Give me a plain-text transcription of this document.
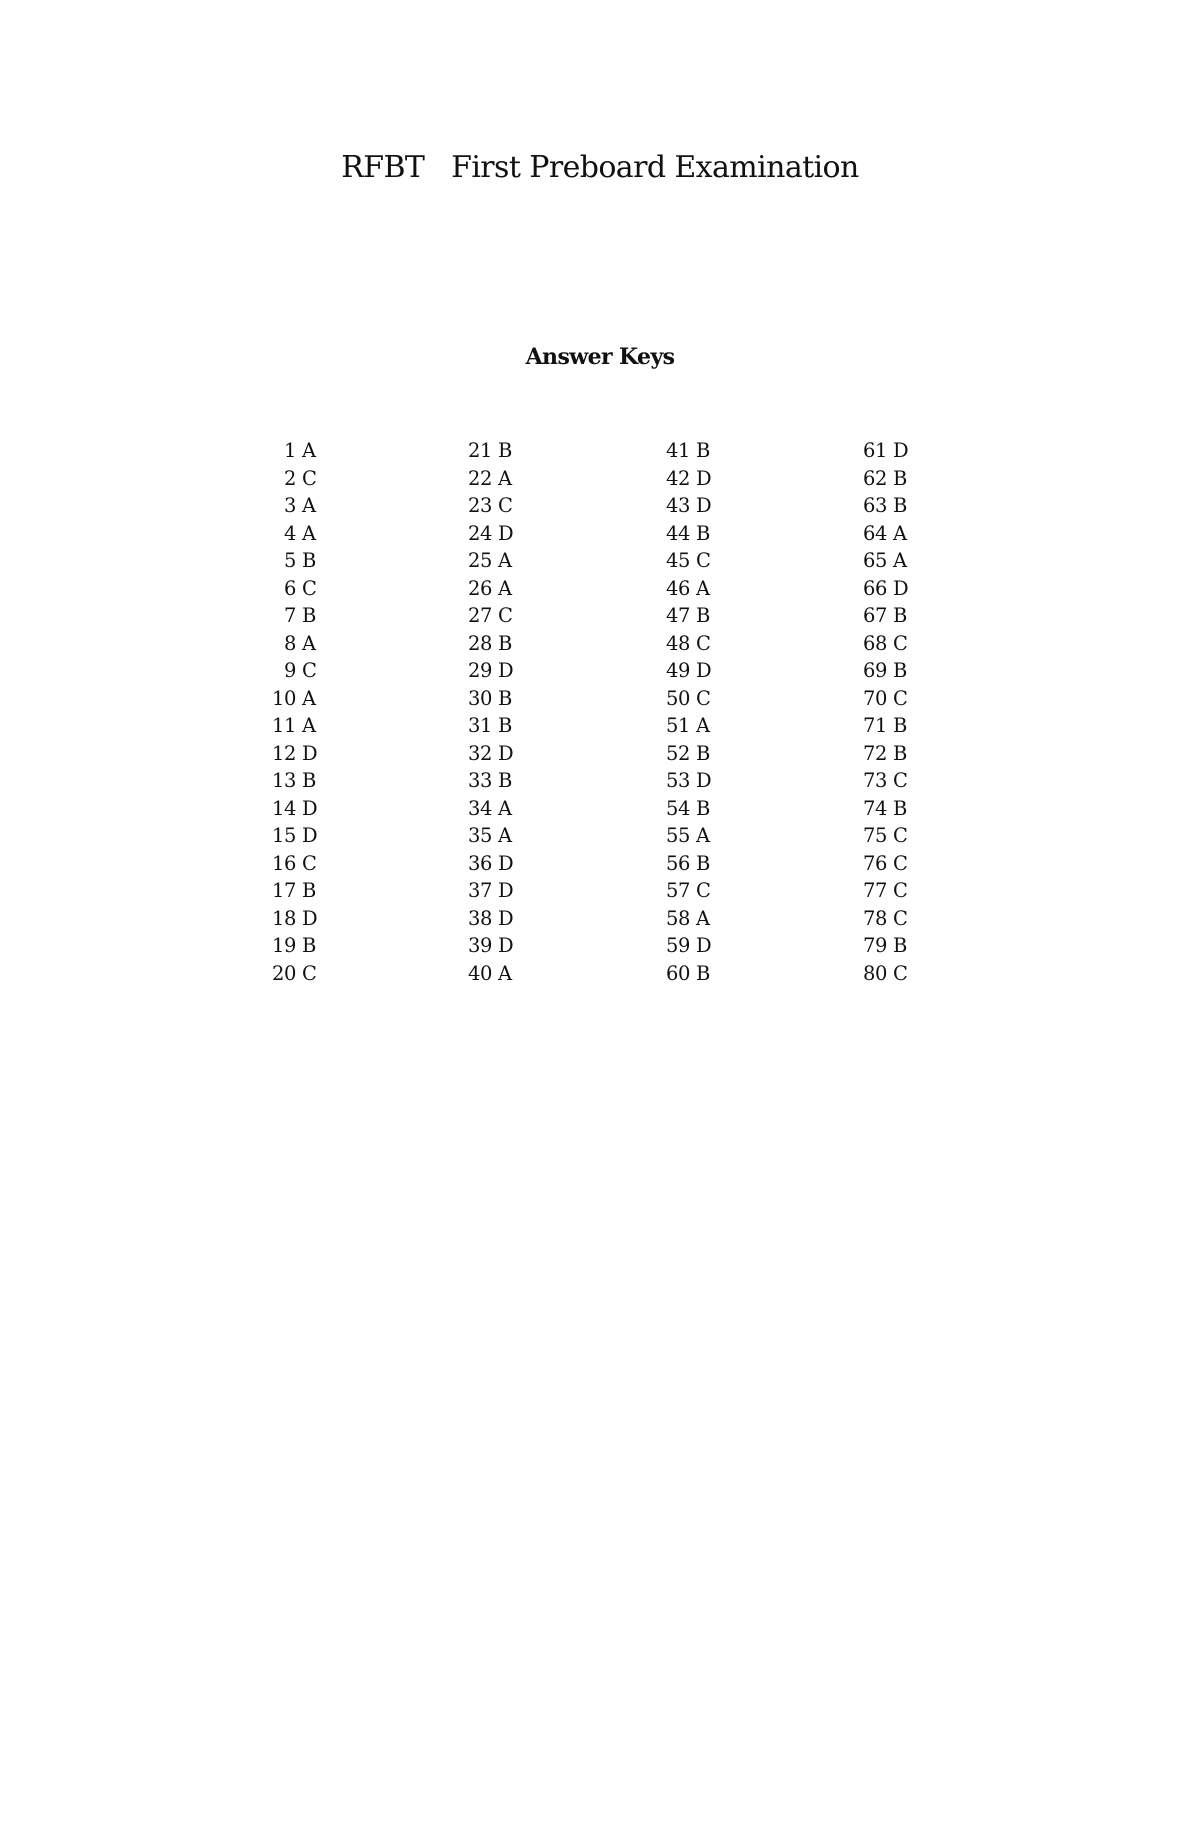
RFBT   First Preboard Examination
Answer Keys
1 A
2 C
3 A
4 A
5 B
6 C
7 B
8 A
9 C
10 A
11 A
12 D
13 B
14 D
15 D
16 C
17 B
18 D
19 B
20 C
21 B
22 A
23 C
24 D
25 A
26 A
27 C
28 B
29 D
30 B
31 B
32 D
33 B
34 A
35 A
36 D
37 D
38 D
39 D
40 A
41 B
42 D
43 D
44 B
45 C
46 A
47 B
48 C
49 D
50 C
51 A
52 B
53 D
54 B
55 A
56 B
57 C
58 A
59 D
60 B
61 D
62 B
63 B
64 A
65 A
66 D
67 B
68 C
69 B
70 C
71 B
72 B
73 C
74 B
75 C
76 C
77 C
78 C
79 B
80 C
